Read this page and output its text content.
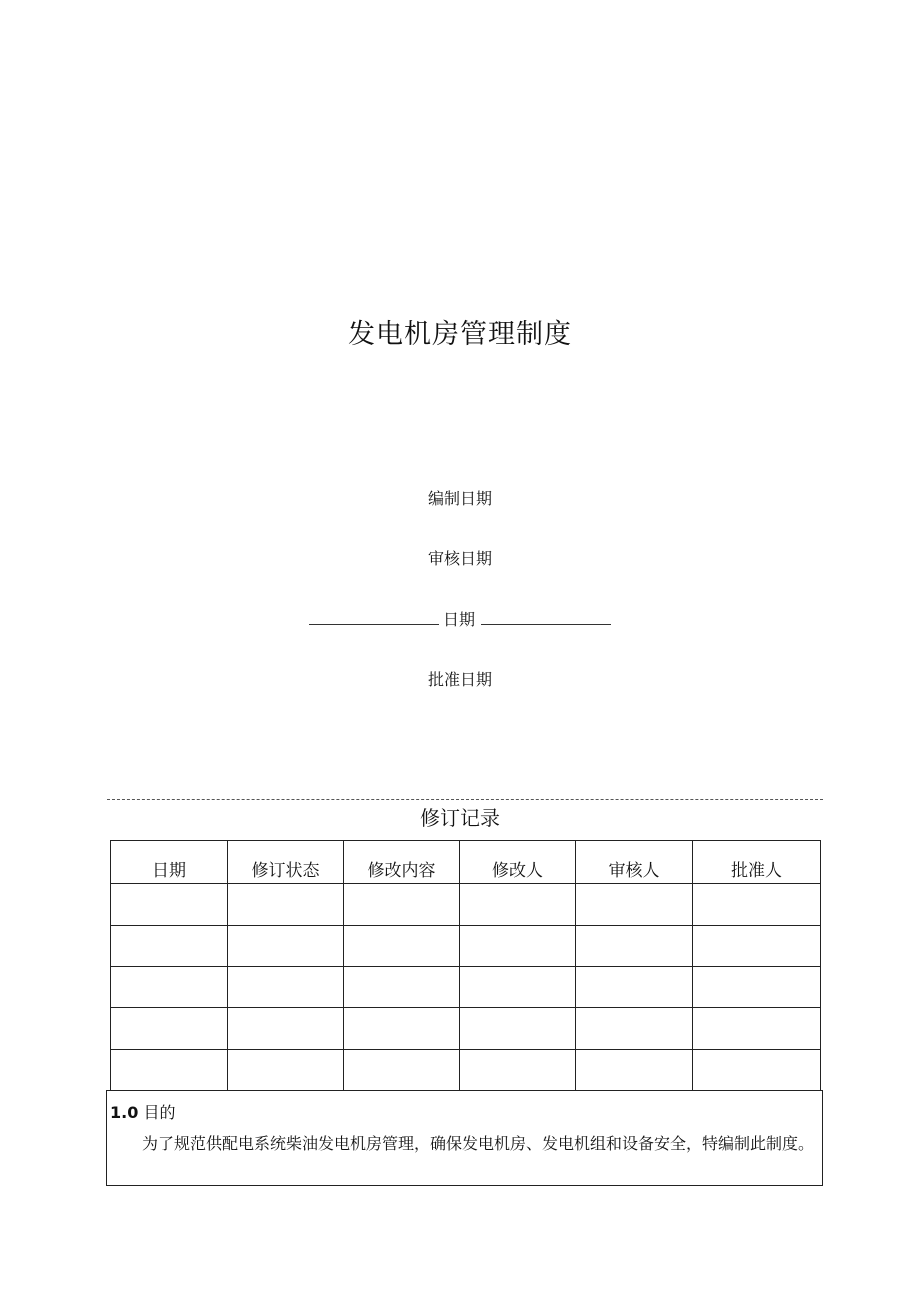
发电机房管理制度
编制日期
审核日期
日期
批准日期
修订记录
日期	修订状态	修改内容	修改人	审核人	批准人

1.0 目的
为了规范供配电系统柴油发电机房管理，确保发电机房、发电机组和设备安全，特编制此制度。
